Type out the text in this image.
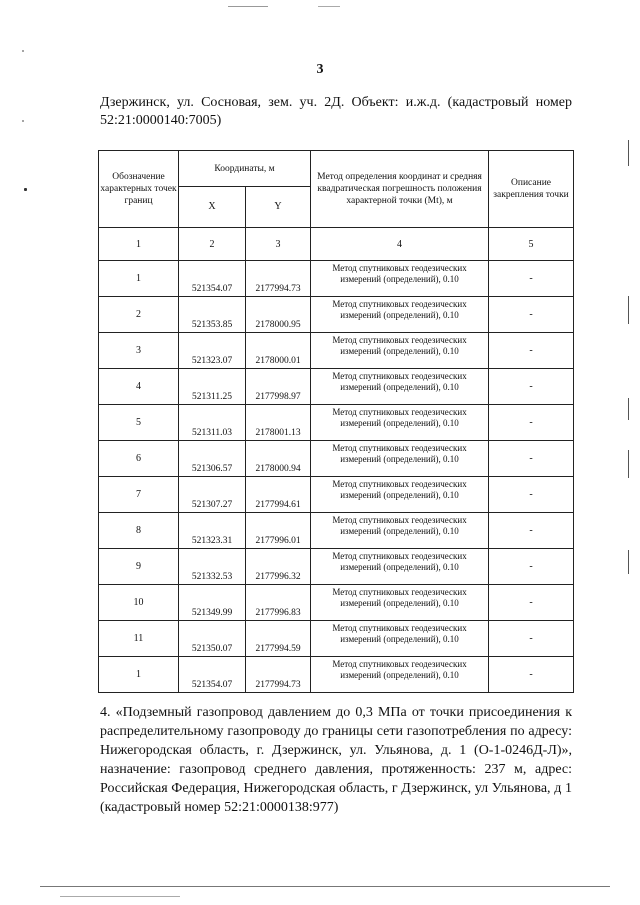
3
Дзержинск, ул. Сосновая, зем. уч. 2Д. Объект: и.ж.д. (кадастровый номер 52:21:0000140:7005)
Обозначение характерных точек границ	Координаты, м		Метод определения координат и средняя квадратическая погрешность положения характерной точки (Mt), м	Описание закрепления точки
	X	Y		
1	2	3	4	5
1	521354.07	2177994.73	Метод спутниковых геодезических измерений (определений), 0.10	-
2	521353.85	2178000.95	Метод спутниковых геодезических измерений (определений), 0.10	-
3	521323.07	2178000.01	Метод спутниковых геодезических измерений (определений), 0.10	-
4	521311.25	2177998.97	Метод спутниковых геодезических измерений (определений), 0.10	-
5	521311.03	2178001.13	Метод спутниковых геодезических измерений (определений), 0.10	-
6	521306.57	2178000.94	Метод спутниковых геодезических измерений (определений), 0.10	-
7	521307.27	2177994.61	Метод спутниковых геодезических измерений (определений), 0.10	-
8	521323.31	2177996.01	Метод спутниковых геодезических измерений (определений), 0.10	-
9	521332.53	2177996.32	Метод спутниковых геодезических измерений (определений), 0.10	-
10	521349.99	2177996.83	Метод спутниковых геодезических измерений (определений), 0.10	-
11	521350.07	2177994.59	Метод спутниковых геодезических измерений (определений), 0.10	-
1	521354.07	2177994.73	Метод спутниковых геодезических измерений (определений), 0.10	-
4. «Подземный газопровод давлением до 0,3 МПа от точки присоединения к распределительному газопроводу до границы сети газопотребления по адресу: Нижегородская область, г. Дзержинск, ул. Ульянова, д. 1 (О-1-0246Д-Л)», назначение: газопровод среднего давления, протяженность: 237 м, адрес: Российская Федерация, Нижегородская область, г Дзержинск, ул Ульянова, д 1 (кадастровый номер 52:21:0000138:977)
